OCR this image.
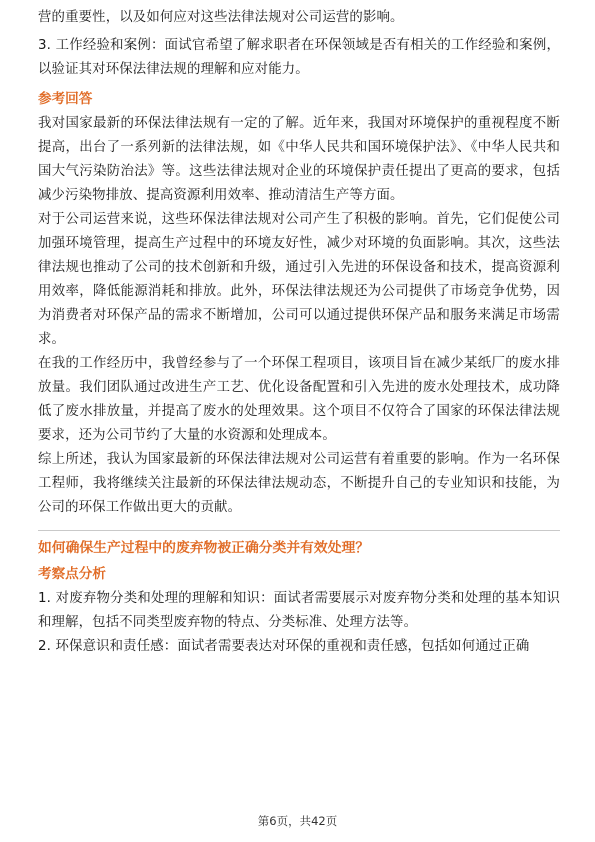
营的重要性，以及如何应对这些法律法规对公司运营的影响。

3. 工作经验和案例：面试官希望了解求职者在环保领域是否有相关的工作经验和案例，以验证其对环保法律法规的理解和应对能力。

参考回答

我对国家最新的环保法律法规有一定的了解。近年来，我国对环境保护的重视程度不断提高，出台了一系列新的法律法规，如《中华人民共和国环境保护法》、《中华人民共和国大气污染防治法》等。这些法律法规对企业的环境保护责任提出了更高的要求，包括减少污染物排放、提高资源利用效率、推动清洁生产等方面。

对于公司运营来说，这些环保法律法规对公司产生了积极的影响。首先，它们促使公司加强环境管理，提高生产过程中的环境友好性，减少对环境的负面影响。其次，这些法律法规也推动了公司的技术创新和升级，通过引入先进的环保设备和技术，提高资源利用效率，降低能源消耗和排放。此外，环保法律法规还为公司提供了市场竞争优势，因为消费者对环保产品的需求不断增加，公司可以通过提供环保产品和服务来满足市场需求。

在我的工作经历中，我曾经参与了一个环保工程项目，该项目旨在减少某纸厂的废水排放量。我们团队通过改进生产工艺、优化设备配置和引入先进的废水处理技术，成功降低了废水排放量，并提高了废水的处理效果。这个项目不仅符合了国家的环保法律法规要求，还为公司节约了大量的水资源和处理成本。

综上所述，我认为国家最新的环保法律法规对公司运营有着重要的影响。作为一名环保工程师，我将继续关注最新的环保法律法规动态，不断提升自己的专业知识和技能，为公司的环保工作做出更大的贡献。

如何确保生产过程中的废弃物被正确分类并有效处理？
考察点分析

1. 对废弃物分类和处理的理解和知识：面试者需要展示对废弃物分类和处理的基本知识和理解，包括不同类型废弃物的特点、分类标准、处理方法等。

2. 环保意识和责任感：面试者需要表达对环保的重视和责任感，包括如何通过正确

第6页，共42页
